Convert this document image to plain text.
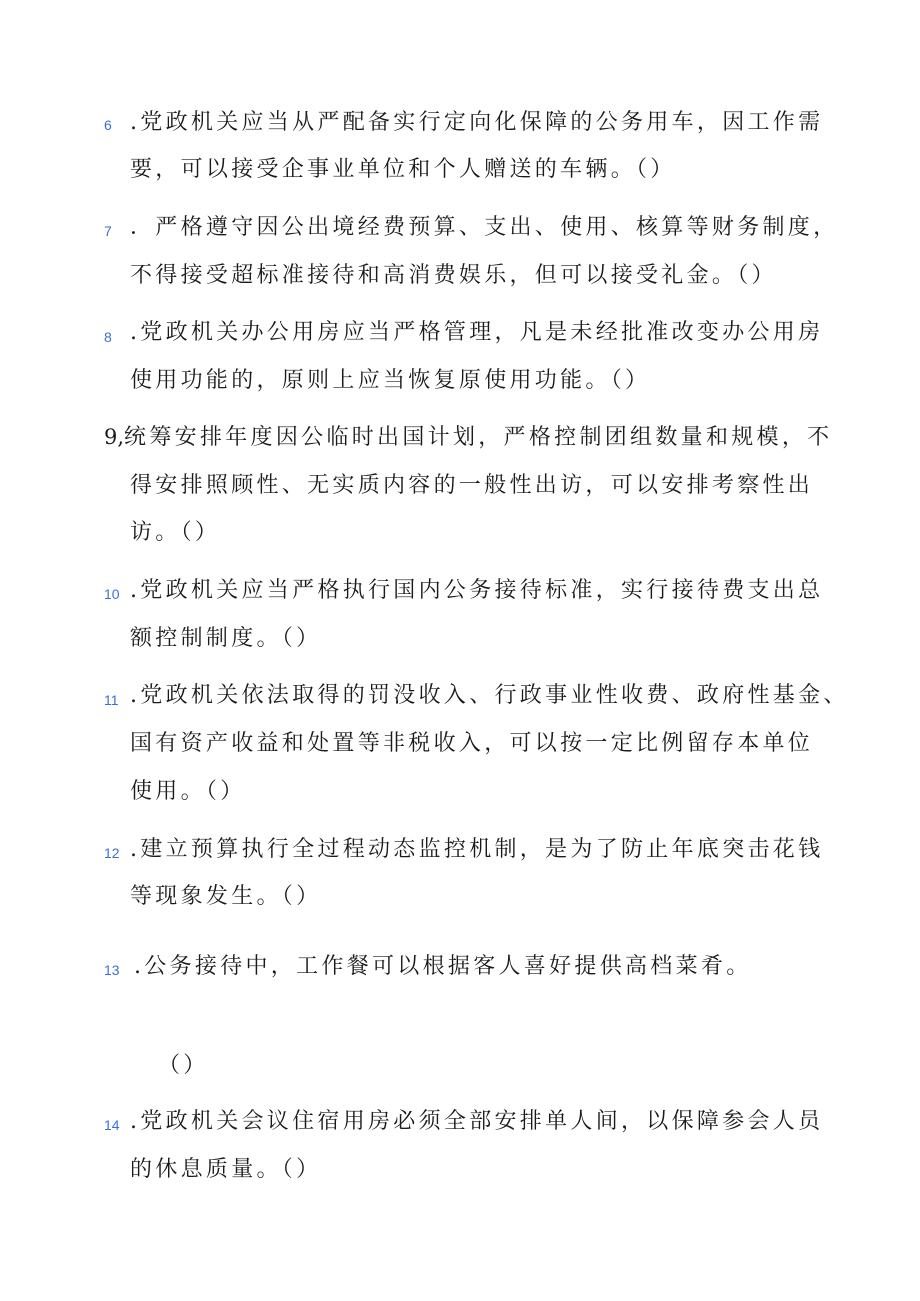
6 .党政机关应当从严配备实行定向化保障的公务用车，因工作需
要，可以接受企事业单位和个人赠送的车辆。（）
7 ．严格遵守因公出境经费预算、支出、使用、核算等财务制度，
不得接受超标准接待和高消费娱乐，但可以接受礼金。（）
8 .党政机关办公用房应当严格管理，凡是未经批准改变办公用房
使用功能的，原则上应当恢复原使用功能。（）
9,统筹安排年度因公临时出国计划，严格控制团组数量和规模，不
得安排照顾性、无实质内容的一般性出访，可以安排考察性出
访。（）
10 .党政机关应当严格执行国内公务接待标准，实行接待费支出总
额控制制度。（）
11 .党政机关依法取得的罚没收入、行政事业性收费、政府性基金、
国有资产收益和处置等非税收入，可以按一定比例留存本单位
使用。（）
12 .建立预算执行全过程动态监控机制，是为了防止年底突击花钱
等现象发生。（）
13 .公务接待中，工作餐可以根据客人喜好提供高档菜肴。
（）
14 .党政机关会议住宿用房必须全部安排单人间，以保障参会人员
的休息质量。（）
